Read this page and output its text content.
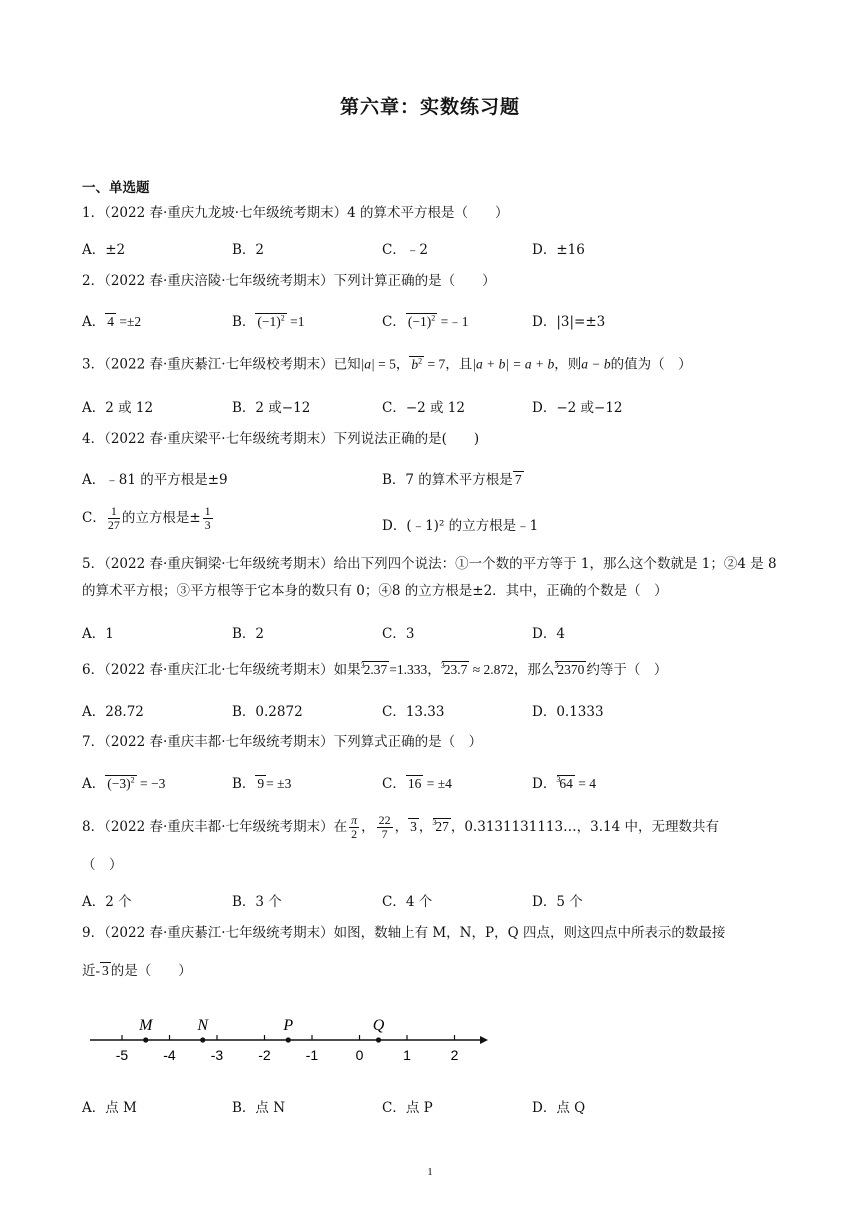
第六章：实数练习题
一、单选题
1．（2022 春·重庆九龙坡·七年级统考期末）4 的算术平方根是（　　）
A．±2	B．2	C．﹣2	D．±16
2．（2022 春·重庆涪陵·七年级统考期末）下列计算正确的是（　　）
A． 4 =±2	B． $(-1)^2 =1$	C． $(-1)^2$ =﹣1	D．|3|=±3
3．（2022 春·重庆綦江·七年级校考期末）已知|a| = 5， $b^2 = 7$，且|a + b| = a + b，则a − b的值为（　）
A．2 或 12	B．2 或−12	C．−2 或 12	D．−2 或−12
4．（2022 春·重庆梁平·七年级统考期末）下列说法正确的是(　　)
A．﹣81 的平方根是±9	B．7 的算术平方根是 7
C． $\frac{1}{27}$ 的立方根是± $\frac{1}{3}$	D．(﹣1)² 的立方根是﹣1
5．（2022 春·重庆铜梁·七年级统考期末）给出下列四个说法：①一个数的平方等于 1，那么这个数就是 1；②4 是 8 的算术平方根；③平方根等于它本身的数只有 0；④8 的立方根是±2．其中，正确的个数是（　）
A．1	B．2	C．3	D．4
6．（2022 春·重庆江北·七年级统考期末）如果$^3$2.37 =1.333，$^3$23.7 ≈ 2.872，那么$^3$2370 约等于（　）
A．28.72	B．0.2872	C．13.33	D．0.1333
7．（2022 春·重庆丰都·七年级统考期末）下列算式正确的是（　）
A． $(-3)^2 = -3$	B． 9 = ±3	C． 16 = ±4	D．$^3$64 = 4
8．（2022 春·重庆丰都·七年级统考期末）在 $\frac{\pi}{2}$ ， $\frac{22}{7}$ ， 3 ，$^3$27 ，0.3131131113…，3.14 中，无理数共有
（　）
A．2 个	B．3 个	C．4 个	D．5 个
9．（2022 春·重庆綦江·七年级统考期末）如图，数轴上有 M，N，P，Q 四点，则这四点中所表示的数最接
近- 3 的是（　　）
-5	-4	-3	-2	-1	0	1	2
M	N	P	Q
A．点 M	B．点 N	C．点 P	D．点 Q
1
